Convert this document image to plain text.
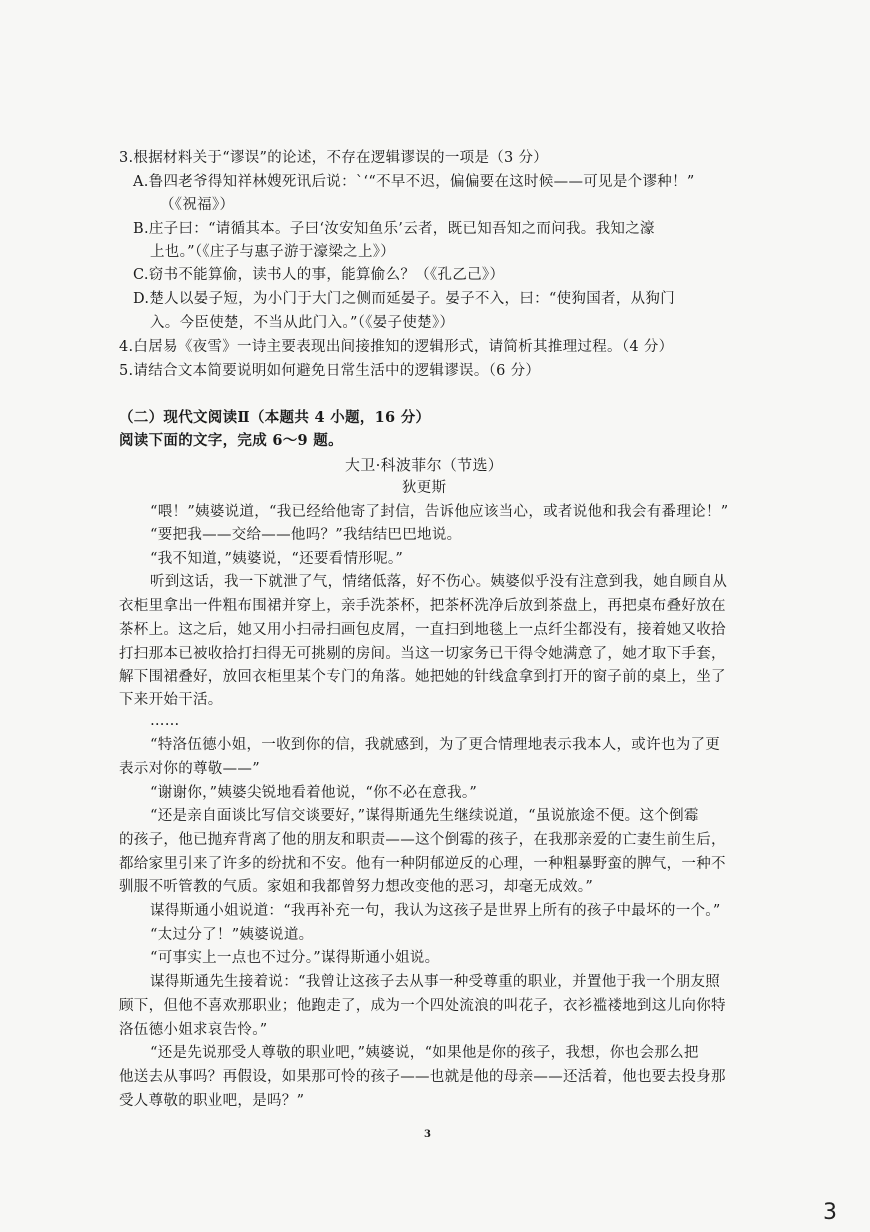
3.根据材料关于“谬误”的论述，不存在逻辑谬误的一项是（3 分）
A.鲁四老爷得知祥林嫂死讯后说：`‘“不早不迟，偏偏要在这时候——可见是个谬种！”
（《祝福》）
B.庄子曰：“请循其本。子曰‘汝安知鱼乐’云者，既已知吾知之而问我。我知之濠
上也。”（《庄子与惠子游于濠梁之上》）
C.窃书不能算偷，读书人的事，能算偷么？（《孔乙己》）
D.楚人以晏子短，为小门于大门之侧而延晏子。晏子不入，曰：“使狗国者，从狗门
入。今臣使楚，不当从此门入。”（《晏子使楚》）
4.白居易《夜雪》一诗主要表现出间接推知的逻辑形式，请简析其推理过程。（4 分）
5.请结合文本简要说明如何避免日常生活中的逻辑谬误。（6 分）
（二）现代文阅读Ⅱ（本题共 4 小题，16 分）
阅读下面的文字，完成 6～9 题。
大卫·科波菲尔（节选）
狄更斯
“喂！”姨婆说道，“我已经给他寄了封信，告诉他应该当心，或者说他和我会有番理论！”
“要把我——交给——他吗？”我结结巴巴地说。
“我不知道，”姨婆说，“还要看情形呢。”
听到这话，我一下就泄了气，情绪低落，好不伤心。姨婆似乎没有注意到我，她自顾自从
衣柜里拿出一件粗布围裙并穿上，亲手洗茶杯，把茶杯洗净后放到茶盘上，再把桌布叠好放在
茶杯上。这之后，她又用小扫帚扫画包皮屑，一直扫到地毯上一点纤尘都没有，接着她又收拾
打扫那本已被收拾打扫得无可挑剔的房间。当这一切家务已干得令她满意了，她才取下手套，
解下围裙叠好，放回衣柜里某个专门的角落。她把她的针线盒拿到打开的窗子前的桌上，坐了
下来开始干活。
……
“特洛伍德小姐，一收到你的信，我就感到，为了更合情理地表示我本人，或许也为了更
表示对你的尊敬——”
“谢谢你，”姨婆尖锐地看着他说，“你不必在意我。”
“还是亲自面谈比写信交谈要好，”谋得斯通先生继续说道，“虽说旅途不便。这个倒霉
的孩子，他已抛弃背离了他的朋友和职责——这个倒霉的孩子，在我那亲爱的亡妻生前生后，
都给家里引来了许多的纷扰和不安。他有一种阴郁逆反的心理，一种粗暴野蛮的脾气，一种不
驯服不听管教的气质。家姐和我都曾努力想改变他的恶习，却毫无成效。”
谋得斯通小姐说道：“我再补充一句，我认为这孩子是世界上所有的孩子中最坏的一个。”
“太过分了！”姨婆说道。
“可事实上一点也不过分。”谋得斯通小姐说。
谋得斯通先生接着说：“我曾让这孩子去从事一种受尊重的职业，并置他于我一个朋友照
顾下，但他不喜欢那职业；他跑走了，成为一个四处流浪的叫花子，衣衫褴褛地到这儿向你特
洛伍德小姐求哀告怜。”
“还是先说那受人尊敬的职业吧，”姨婆说，“如果他是你的孩子，我想，你也会那么把
他送去从事吗？再假设，如果那可怜的孩子——也就是他的母亲——还活着，他也要去投身那
受人尊敬的职业吧，是吗？”
3
3
